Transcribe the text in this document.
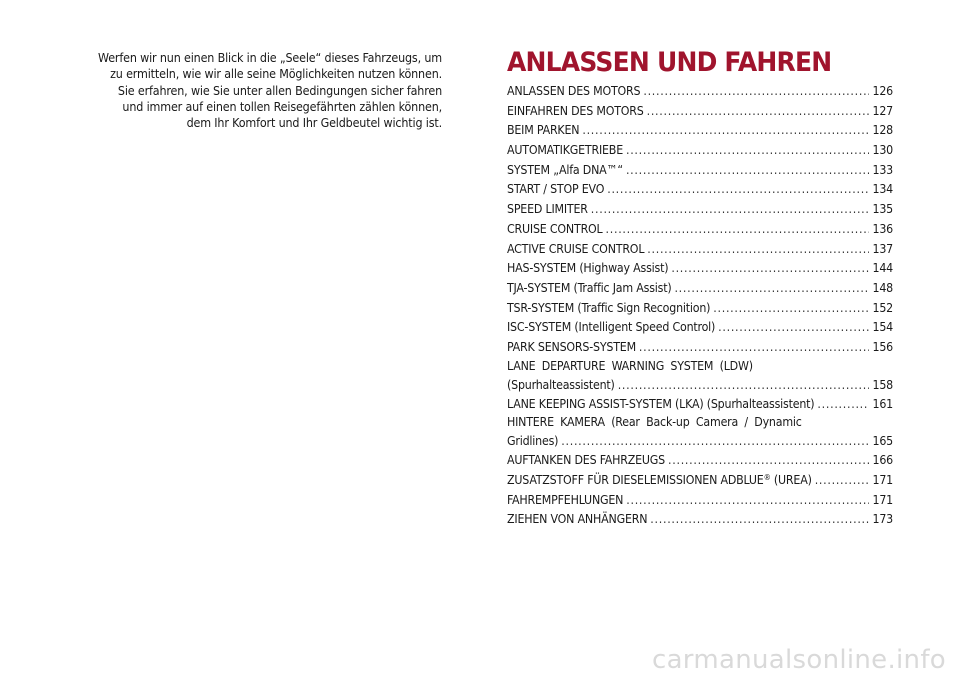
Werfen wir nun einen Blick in die „Seele“ dieses Fahrzeugs, um
zu ermitteln, wie wir alle seine Möglichkeiten nutzen können.
Sie erfahren, wie Sie unter allen Bedingungen sicher fahren
und immer auf einen tollen Reisegefährten zählen können,
dem Ihr Komfort und Ihr Geldbeutel wichtig ist.
ANLASSEN UND FAHREN
ANLASSEN DES MOTORS . . .	126
EINFAHREN DES MOTORS . . .	127
BEIM PARKEN . . .	128
AUTOMATIKGETRIEBE . . .	130
SYSTEM „Alfa DNA™“ . . .	133
START / STOP EVO . . .	134
SPEED LIMITER . . .	135
CRUISE CONTROL . . .	136
ACTIVE CRUISE CONTROL . . .	137
HAS-SYSTEM (Highway Assist) . . .	144
TJA-SYSTEM (Traffic Jam Assist) . . .	148
TSR-SYSTEM (Traffic Sign Recognition) . . .	152
ISC-SYSTEM (Intelligent Speed Control) . . .	154
PARK SENSORS-SYSTEM . . .	156
LANE DEPARTURE WARNING SYSTEM (LDW)
(Spurhalteassistent) . . .	158
LANE KEEPING ASSIST-SYSTEM (LKA) (Spurhalteassistent) . . .	161
HINTERE KAMERA (Rear Back-up Camera / Dynamic
Gridlines) . . .	165
AUFTANKEN DES FAHRZEUGS . . .	166
ZUSATZSTOFF FÜR DIESELEMISSIONEN ADBLUE® (UREA) . . .	171
FAHREMPFEHLUNGEN . . .	171
ZIEHEN VON ANHÄNGERN . . .	173
carmanualsonline.info
